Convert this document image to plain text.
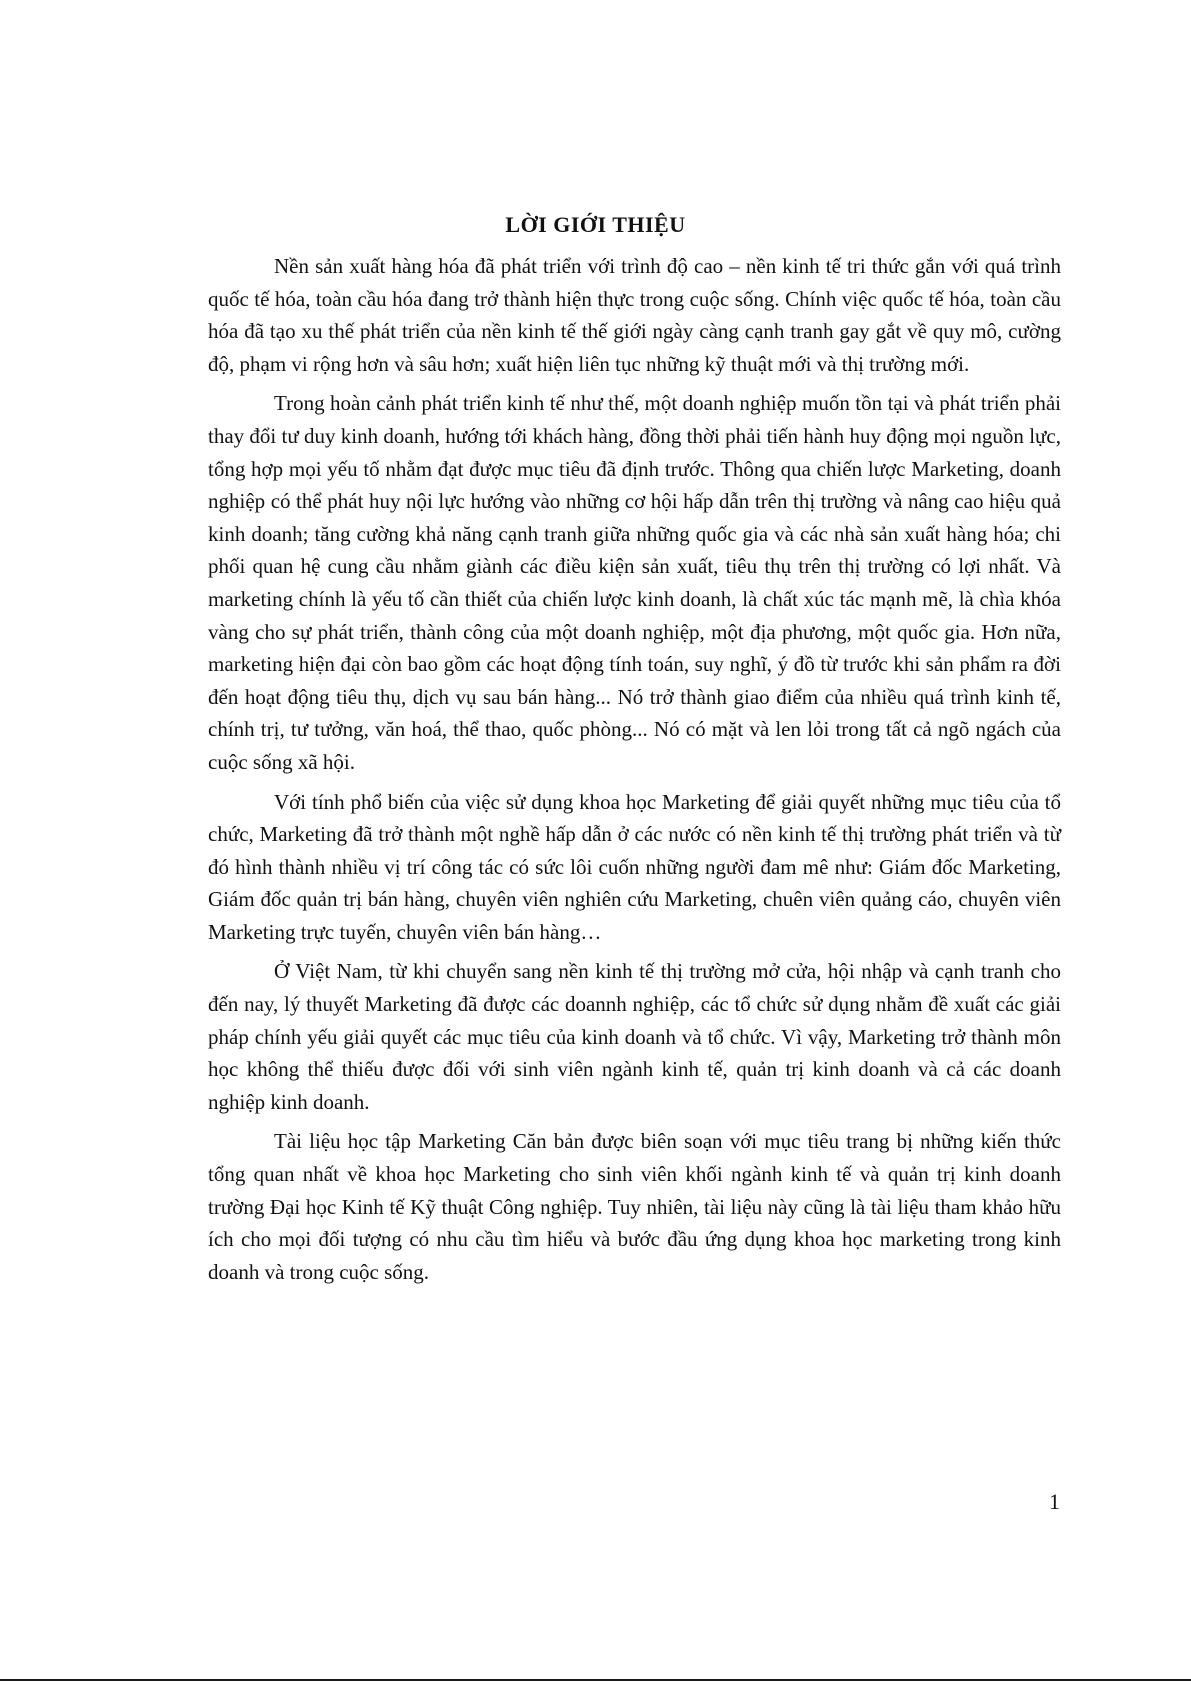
LỜI GIỚI THIỆU

Nền sản xuất hàng hóa đã phát triển với trình độ cao – nền kinh tế tri thức gắn với quá trình quốc tế hóa, toàn cầu hóa đang trở thành hiện thực trong cuộc sống. Chính việc quốc tế hóa, toàn cầu hóa đã tạo xu thế phát triển của nền kinh tế thế giới ngày càng cạnh tranh gay gắt về quy mô, cường độ, phạm vi rộng hơn và sâu hơn; xuất hiện liên tục những kỹ thuật mới và thị trường mới.

Trong hoàn cảnh phát triển kinh tế như thế, một doanh nghiệp muốn tồn tại và phát triển phải thay đổi tư duy kinh doanh, hướng tới khách hàng, đồng thời phải tiến hành huy động mọi nguồn lực, tổng hợp mọi yếu tố nhằm đạt được mục tiêu đã định trước. Thông qua chiến lược Marketing, doanh nghiệp có thể phát huy nội lực hướng vào những cơ hội hấp dẫn trên thị trường và nâng cao hiệu quả kinh doanh; tăng cường khả năng cạnh tranh giữa những quốc gia và các nhà sản xuất hàng hóa; chi phối quan hệ cung cầu nhằm giành các điều kiện sản xuất, tiêu thụ trên thị trường có lợi nhất. Và marketing chính là yếu tố cần thiết của chiến lược kinh doanh, là chất xúc tác mạnh mẽ, là chìa khóa vàng cho sự phát triển, thành công của một doanh nghiệp, một địa phương, một quốc gia. Hơn nữa, marketing hiện đại còn bao gồm các hoạt động tính toán, suy nghĩ, ý đồ từ trước khi sản phẩm ra đời đến hoạt động tiêu thụ, dịch vụ sau bán hàng... Nó trở thành giao điểm của nhiều quá trình kinh tế, chính trị, tư tưởng, văn hoá, thể thao, quốc phòng... Nó có mặt và len lỏi trong tất cả ngõ ngách của cuộc sống xã hội.

Với tính phổ biến của việc sử dụng khoa học Marketing để giải quyết những mục tiêu của tổ chức, Marketing đã trở thành một nghề hấp dẫn ở các nước có nền kinh tế thị trường phát triển và từ đó hình thành nhiều vị trí công tác có sức lôi cuốn những người đam mê như: Giám đốc Marketing, Giám đốc quản trị bán hàng, chuyên viên nghiên cứu Marketing, chuên viên quảng cáo, chuyên viên Marketing trực tuyến, chuyên viên bán hàng…

Ở Việt Nam, từ khi chuyển sang nền kinh tế thị trường mở cửa, hội nhập và cạnh tranh cho đến nay, lý thuyết Marketing đã được các doannh nghiệp, các tổ chức sử dụng nhằm đề xuất các giải pháp chính yếu giải quyết các mục tiêu của kinh doanh và tổ chức. Vì vậy, Marketing trở thành môn học không thể thiếu được đối với sinh viên ngành kinh tế, quản trị kinh doanh và cả các doanh nghiệp kinh doanh.

Tài liệu học tập Marketing Căn bản được biên soạn với mục tiêu trang bị những kiến thức tổng quan nhất về khoa học Marketing cho sinh viên khối ngành kinh tế và quản trị kinh doanh trường Đại học Kinh tế Kỹ thuật Công nghiệp. Tuy nhiên, tài liệu này cũng là tài liệu tham khảo hữu ích cho mọi đối tượng có nhu cầu tìm hiểu và bước đầu ứng dụng khoa học marketing trong kinh doanh và trong cuộc sống.

1
